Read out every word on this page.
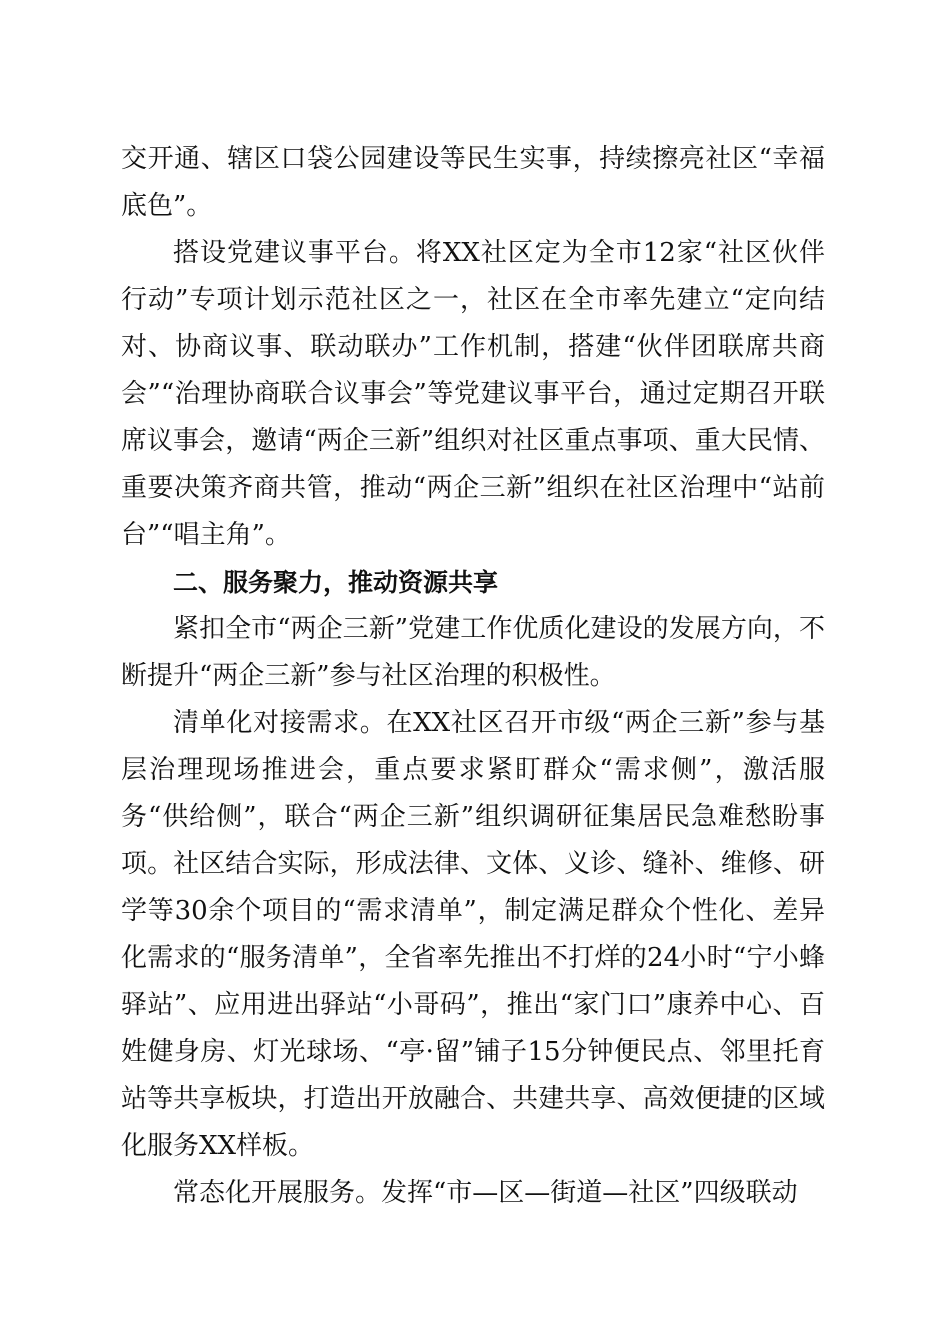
交开通、辖区口袋公园建设等民生实事，持续擦亮社区“幸福底色”。

搭设党建议事平台。将XX社区定为全市12家“社区伙伴行动”专项计划示范社区之一，社区在全市率先建立“定向结对、协商议事、联动联办”工作机制，搭建“伙伴团联席共商会”“治理协商联合议事会”等党建议事平台，通过定期召开联席议事会，邀请“两企三新”组织对社区重点事项、重大民情、重要决策齐商共管，推动“两企三新”组织在社区治理中“站前台”“唱主角”。

二、服务聚力，推动资源共享

紧扣全市“两企三新”党建工作优质化建设的发展方向，不断提升“两企三新”参与社区治理的积极性。

清单化对接需求。在XX社区召开市级“两企三新”参与基层治理现场推进会，重点要求紧盯群众“需求侧”，激活服务“供给侧”，联合“两企三新”组织调研征集居民急难愁盼事项。社区结合实际，形成法律、文体、义诊、缝补、维修、研学等30余个项目的“需求清单”，制定满足群众个性化、差异化需求的“服务清单”，全省率先推出不打烊的24小时“宁小蜂驿站”、应用进出驿站“小哥码”，推出“家门口”康养中心、百姓健身房、灯光球场、“亭·留”铺子15分钟便民点、邻里托育站等共享板块，打造出开放融合、共建共享、高效便捷的区域化服务XX样板。

常态化开展服务。发挥“市—区—街道—社区”四级联动
